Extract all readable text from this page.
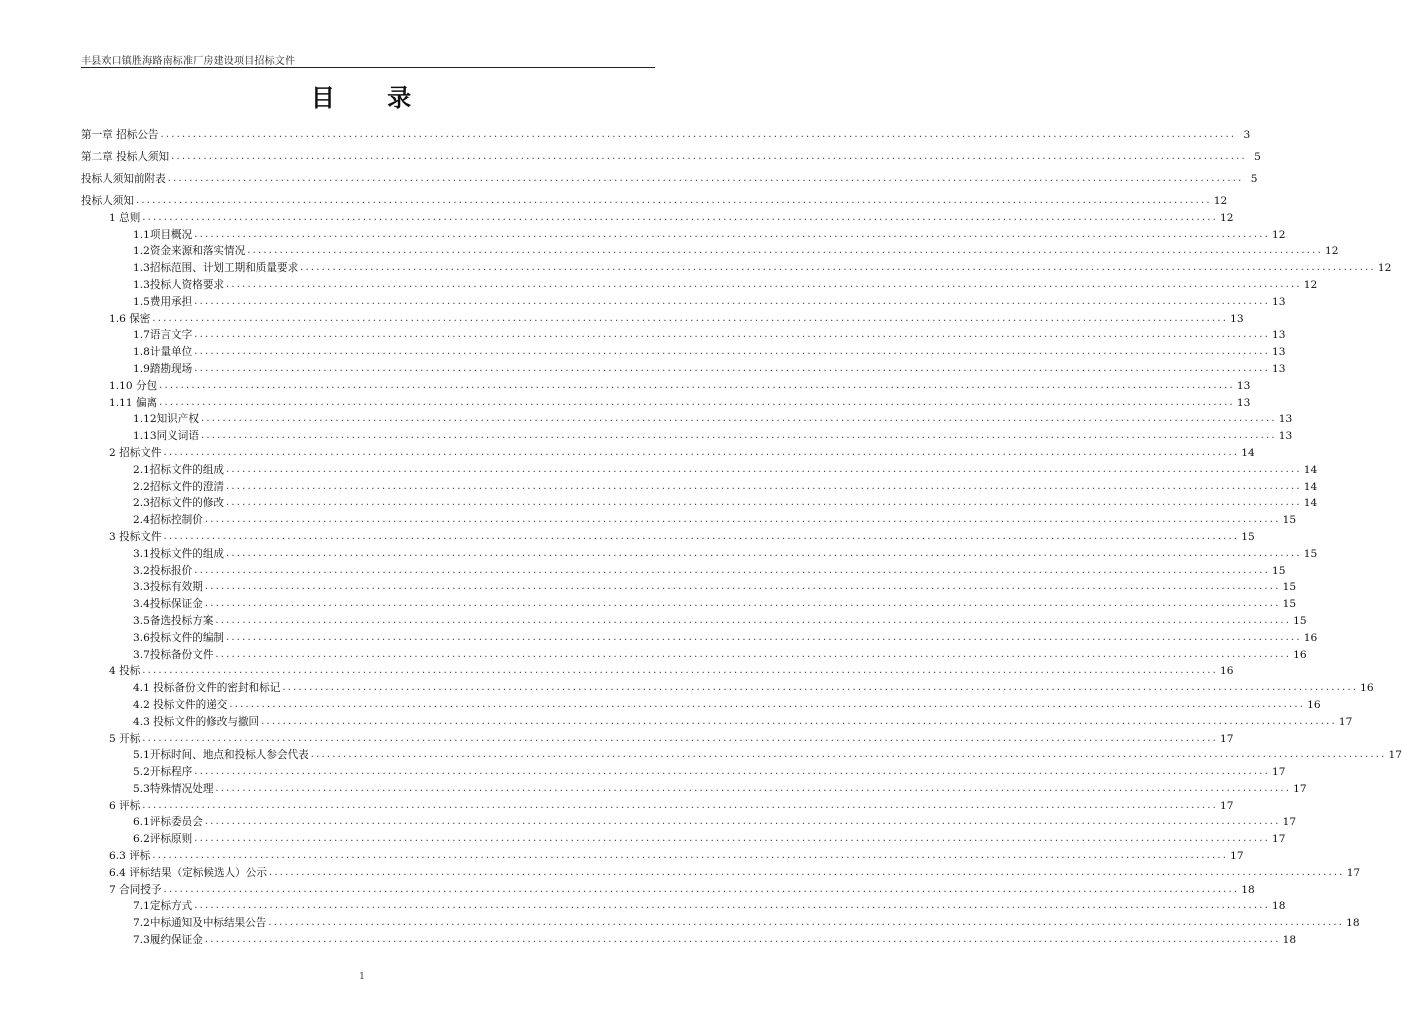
丰县欢口镇胜海路南标准厂房建设项目招标文件
目 录
第一章 招标公告 ........................................................................................................................................................................................................ 3
第二章 投标人须知 ........................................................................................................................................................................................................ 5
投标人须知前附表 ........................................................................................................................................................................................................ 5
投标人须知 ........................................................................................................................................................................................................ 12
1 总则 ........................................................................................................................................................................................................ 12
1.1项目概况 ........................................................................................................................................................................................................ 12
1.2资金来源和落实情况 ........................................................................................................................................................................................................ 12
1.3招标范围、计划工期和质量要求 ........................................................................................................................................................................................................ 12
1.3投标人资格要求 ........................................................................................................................................................................................................ 12
1.5费用承担 ........................................................................................................................................................................................................ 13
1.6 保密 ........................................................................................................................................................................................................ 13
1.7语言文字 ........................................................................................................................................................................................................ 13
1.8计量单位 ........................................................................................................................................................................................................ 13
1.9踏勘现场 ........................................................................................................................................................................................................ 13
1.10 分包 ........................................................................................................................................................................................................ 13
1.11 偏离 ........................................................................................................................................................................................................ 13
1.12知识产权 ........................................................................................................................................................................................................ 13
1.13同义词语 ........................................................................................................................................................................................................ 13
2 招标文件 ........................................................................................................................................................................................................ 14
2.1招标文件的组成 ........................................................................................................................................................................................................ 14
2.2招标文件的澄清 ........................................................................................................................................................................................................ 14
2.3招标文件的修改 ........................................................................................................................................................................................................ 14
2.4招标控制价 ........................................................................................................................................................................................................ 15
3 投标文件 ........................................................................................................................................................................................................ 15
3.1投标文件的组成 ........................................................................................................................................................................................................ 15
3.2投标报价 ........................................................................................................................................................................................................ 15
3.3投标有效期 ........................................................................................................................................................................................................ 15
3.4投标保证金 ........................................................................................................................................................................................................ 15
3.5备选投标方案 ........................................................................................................................................................................................................ 15
3.6投标文件的编制 ........................................................................................................................................................................................................ 16
3.7投标备份文件 ........................................................................................................................................................................................................ 16
4 投标 ........................................................................................................................................................................................................ 16
4.1 投标备份文件的密封和标记 ........................................................................................................................................................................................................ 16
4.2 投标文件的递交 ........................................................................................................................................................................................................ 16
4.3 投标文件的修改与撤回 ........................................................................................................................................................................................................ 17
5 开标 ........................................................................................................................................................................................................ 17
5.1开标时间、地点和投标人参会代表 ........................................................................................................................................................................................................ 17
5.2开标程序 ........................................................................................................................................................................................................ 17
5.3特殊情况处理 ........................................................................................................................................................................................................ 17
6 评标 ........................................................................................................................................................................................................ 17
6.1评标委员会 ........................................................................................................................................................................................................ 17
6.2评标原则 ........................................................................................................................................................................................................ 17
6.3 评标 ........................................................................................................................................................................................................ 17
6.4 评标结果（定标候选人）公示 ........................................................................................................................................................................................................ 17
7 合同授予 ........................................................................................................................................................................................................ 18
7.1定标方式 ........................................................................................................................................................................................................ 18
7.2中标通知及中标结果公告 ........................................................................................................................................................................................................ 18
7.3履约保证金 ........................................................................................................................................................................................................ 18
1
